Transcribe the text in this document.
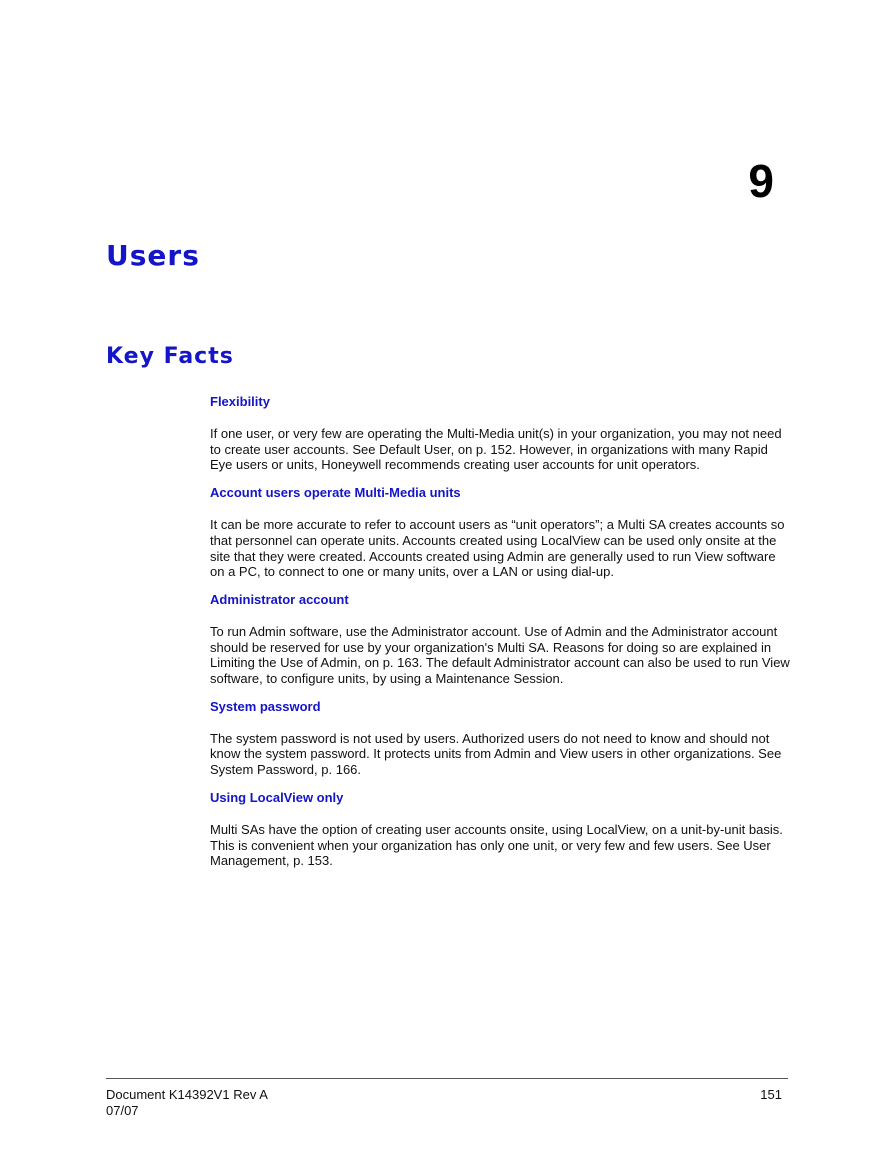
9
Users
Key Facts
Flexibility

If one user, or very few are operating the Multi-Media unit(s) in your organization, you may not need to create user accounts. See Default User, on p. 152. However, in organizations with many Rapid Eye users or units, Honeywell recommends creating user accounts for unit operators.

Account users operate Multi-Media units

It can be more accurate to refer to account users as “unit operators”; a Multi SA creates accounts so that personnel can operate units. Accounts created using LocalView can be used only onsite at the site that they were created. Accounts created using Admin are generally used to run View software on a PC, to connect to one or many units, over a LAN or using dial-up.

Administrator account

To run Admin software, use the Administrator account. Use of Admin and the Administrator account should be reserved for use by your organization's Multi SA. Reasons for doing so are explained in Limiting the Use of Admin, on p. 163. The default Administrator account can also be used to run View software, to configure units, by using a Maintenance Session.

System password

The system password is not used by users. Authorized users do not need to know and should not know the system password. It protects units from Admin and View users in other organizations. See System Password, p. 166.

Using LocalView only

Multi SAs have the option of creating user accounts onsite, using LocalView, on a unit-by-unit basis. This is convenient when your organization has only one unit, or very few and few users. See User Management, p. 153.

Document K14392V1 Rev A
07/07
151
